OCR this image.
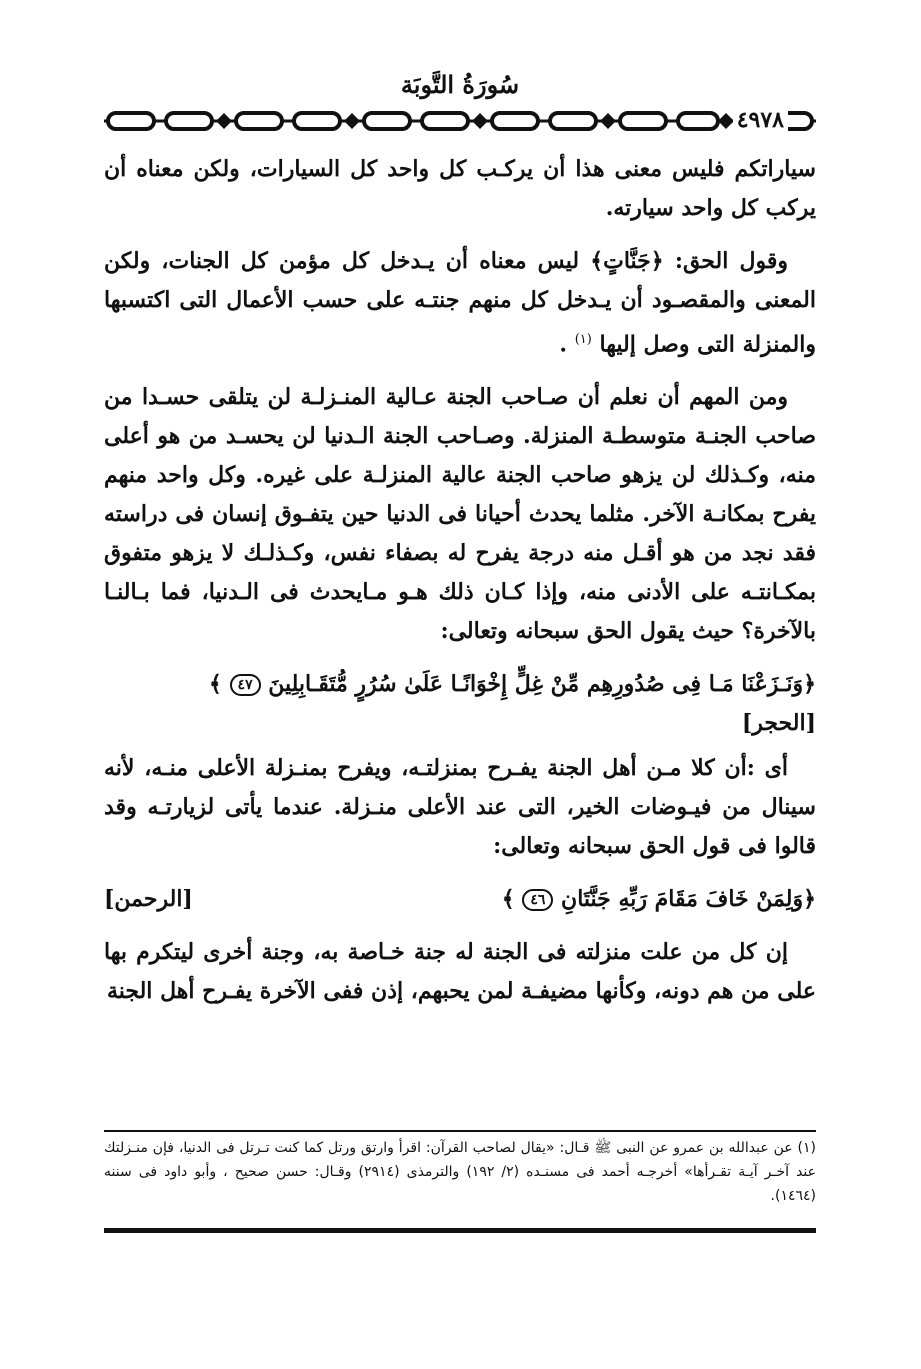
سُورَةُ التَّوبَة
٤٩٧٨

سياراتكم فليس معنى هذا أن يركـب كل واحد كل السيارات، ولكن معناه أن يركب كل واحد سيارته.

وقول الحق: ﴿جَنَّاتٍ﴾ ليس معناه أن يـدخل كل مؤمن كل الجنات، ولكن المعنى والمقصـود أن يـدخل كل منهم جنتـه على حسب الأعمال التى اكتسبها والمنزلة التى وصل إليها $^{(١)}$ .

ومن المهم أن نعلم أن صـاحب الجنة عـالية المنـزلـة لن يتلقى حسـدا من صاحب الجنـة متوسطـة المنزلة. وصـاحب الجنة الـدنيا لن يحسـد من هو أعلى منه، وكـذلك لن يزهو صاحب الجنة عالية المنزلـة على غيره. وكل واحد منهم يفرح بمكانـة الآخر. مثلما يحدث أحيانا فى الدنيا حين يتفـوق إنسان فى دراسته فقد نجد من هو أقـل منه درجة يفرح له بصفاء نفس، وكـذلـك لا يزهو متفوق بمكـانتـه على الأدنى منه، وإذا كـان ذلك هـو مـايحدث فى الـدنيا، فما بـالنـا بالآخرة؟ حيث يقول الحق سبحانه وتعالى:

﴿وَنَـزَعْنَا مَـا فِى صُدُورِهِم مِّنْ غِلٍّ إِخْوَانًـا عَلَىٰ سُرُرٍ مُّتَقَـابِلِينَ ٤٧ ﴾
[الحجر]

أى :أن كلا مـن أهل الجنة يفـرح بمنزلتـه، ويفرح بمنـزلة الأعلى منـه، لأنه سينال من فيـوضات الخير، التى عند الأعلى منـزلة. عندما يأتى لزيارتـه وقد قالوا فى قول الحق سبحانه وتعالى:

﴿وَلِمَنْ خَافَ مَقَامَ رَبِّهِ جَنَّتَانِ ٤٦ ﴾
[الرحمن]

إن كل من علت منزلته فى الجنة له جنة خـاصة به، وجنة أخرى ليتكرم بها على من هم دونه، وكأنها مضيفـة لمن يحبهم، إذن ففى الآخرة يفـرح أهل الجنة

(١) عن عبدالله بن عمرو عن النبى ﷺ قـال: «يقال لصاحب القرآن: اقرأ وارتق ورتل كما كنت تـرتل فى الدنيا، فإن منـزلتك عند آخـر آيـة تقـرأها» أخرجـه أحمد فى مسنـده (٢/ ١٩٢) والترمذى (٢٩١٤) وقـال: حسن صحيح ، وأبو داود فى سننه (١٤٦٤).
